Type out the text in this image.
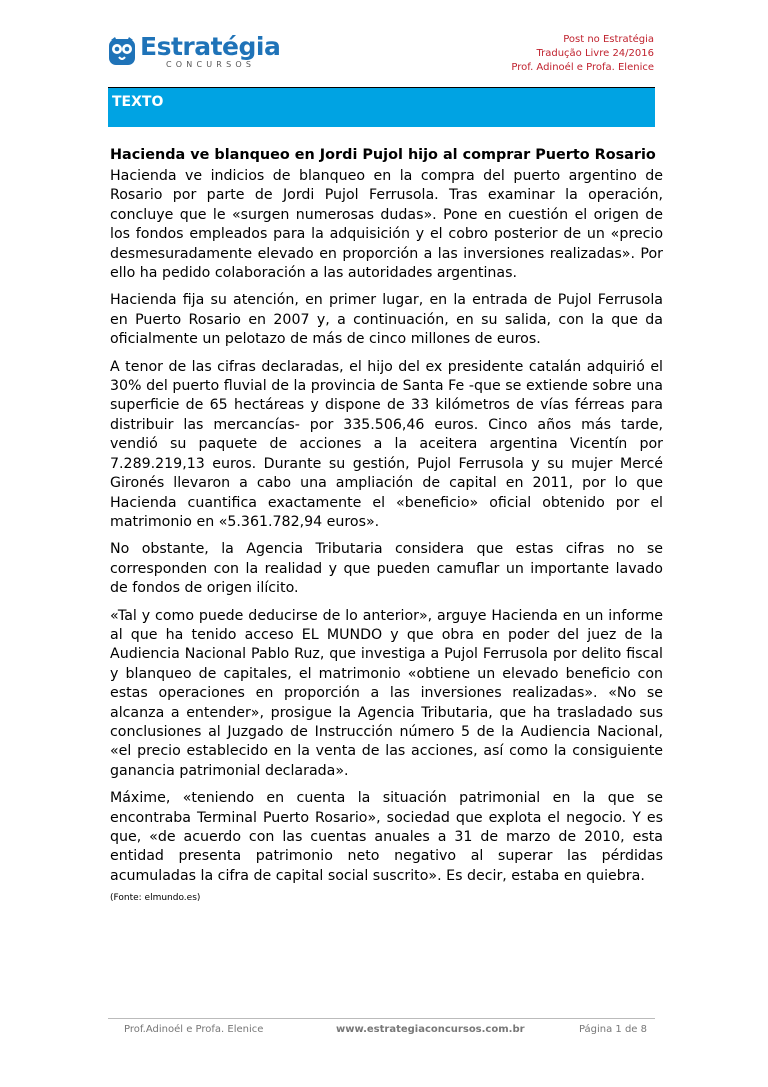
Estratégia
CONCURSOS
Post no Estratégia
Tradução Livre 24/2016
Prof. Adinoél e Profa. Elenice
TEXTO
Hacienda ve blanqueo en Jordi Pujol hijo al comprar Puerto Rosario

Hacienda ve indicios de blanqueo en la compra del puerto argentino de Rosario por parte de Jordi Pujol Ferrusola. Tras examinar la operación, concluye que le «surgen numerosas dudas». Pone en cuestión el origen de los fondos empleados para la adquisición y el cobro posterior de un «precio desmesuradamente elevado en proporción a las inversiones realizadas». Por ello ha pedido colaboración a las autoridades argentinas.

Hacienda fija su atención, en primer lugar, en la entrada de Pujol Ferrusola en Puerto Rosario en 2007 y, a continuación, en su salida, con la que da oficialmente un pelotazo de más de cinco millones de euros.

A tenor de las cifras declaradas, el hijo del ex presidente catalán adquirió el 30% del puerto fluvial de la provincia de Santa Fe -que se extiende sobre una superficie de 65 hectáreas y dispone de 33 kilómetros de vías férreas para distribuir las mercancías- por 335.506,46 euros. Cinco años más tarde, vendió su paquete de acciones a la aceitera argentina Vicentín por 7.289.219,13 euros. Durante su gestión, Pujol Ferrusola y su mujer Mercé Gironés llevaron a cabo una ampliación de capital en 2011, por lo que Hacienda cuantifica exactamente el «beneficio» oficial obtenido por el matrimonio en «5.361.782,94 euros».

No obstante, la Agencia Tributaria considera que estas cifras no se corresponden con la realidad y que pueden camuflar un importante lavado de fondos de origen ilícito.

«Tal y como puede deducirse de lo anterior», arguye Hacienda en un informe al que ha tenido acceso EL MUNDO y que obra en poder del juez de la Audiencia Nacional Pablo Ruz, que investiga a Pujol Ferrusola por delito fiscal y blanqueo de capitales, el matrimonio «obtiene un elevado beneficio con estas operaciones en proporción a las inversiones realizadas». «No se alcanza a entender», prosigue la Agencia Tributaria, que ha trasladado sus conclusiones al Juzgado de Instrucción número 5 de la Audiencia Nacional, «el precio establecido en la venta de las acciones, así como la consiguiente ganancia patrimonial declarada».

Máxime, «teniendo en cuenta la situación patrimonial en la que se encontraba Terminal Puerto Rosario», sociedad que explota el negocio. Y es que, «de acuerdo con las cuentas anuales a 31 de marzo de 2010, esta entidad presenta patrimonio neto negativo al superar las pérdidas acumuladas la cifra de capital social suscrito». Es decir, estaba en quiebra.

(Fonte: elmundo.es)
Prof.Adinoél e Profa. Elenice	www.estrategiaconcursos.com.br	Página 1 de 8
